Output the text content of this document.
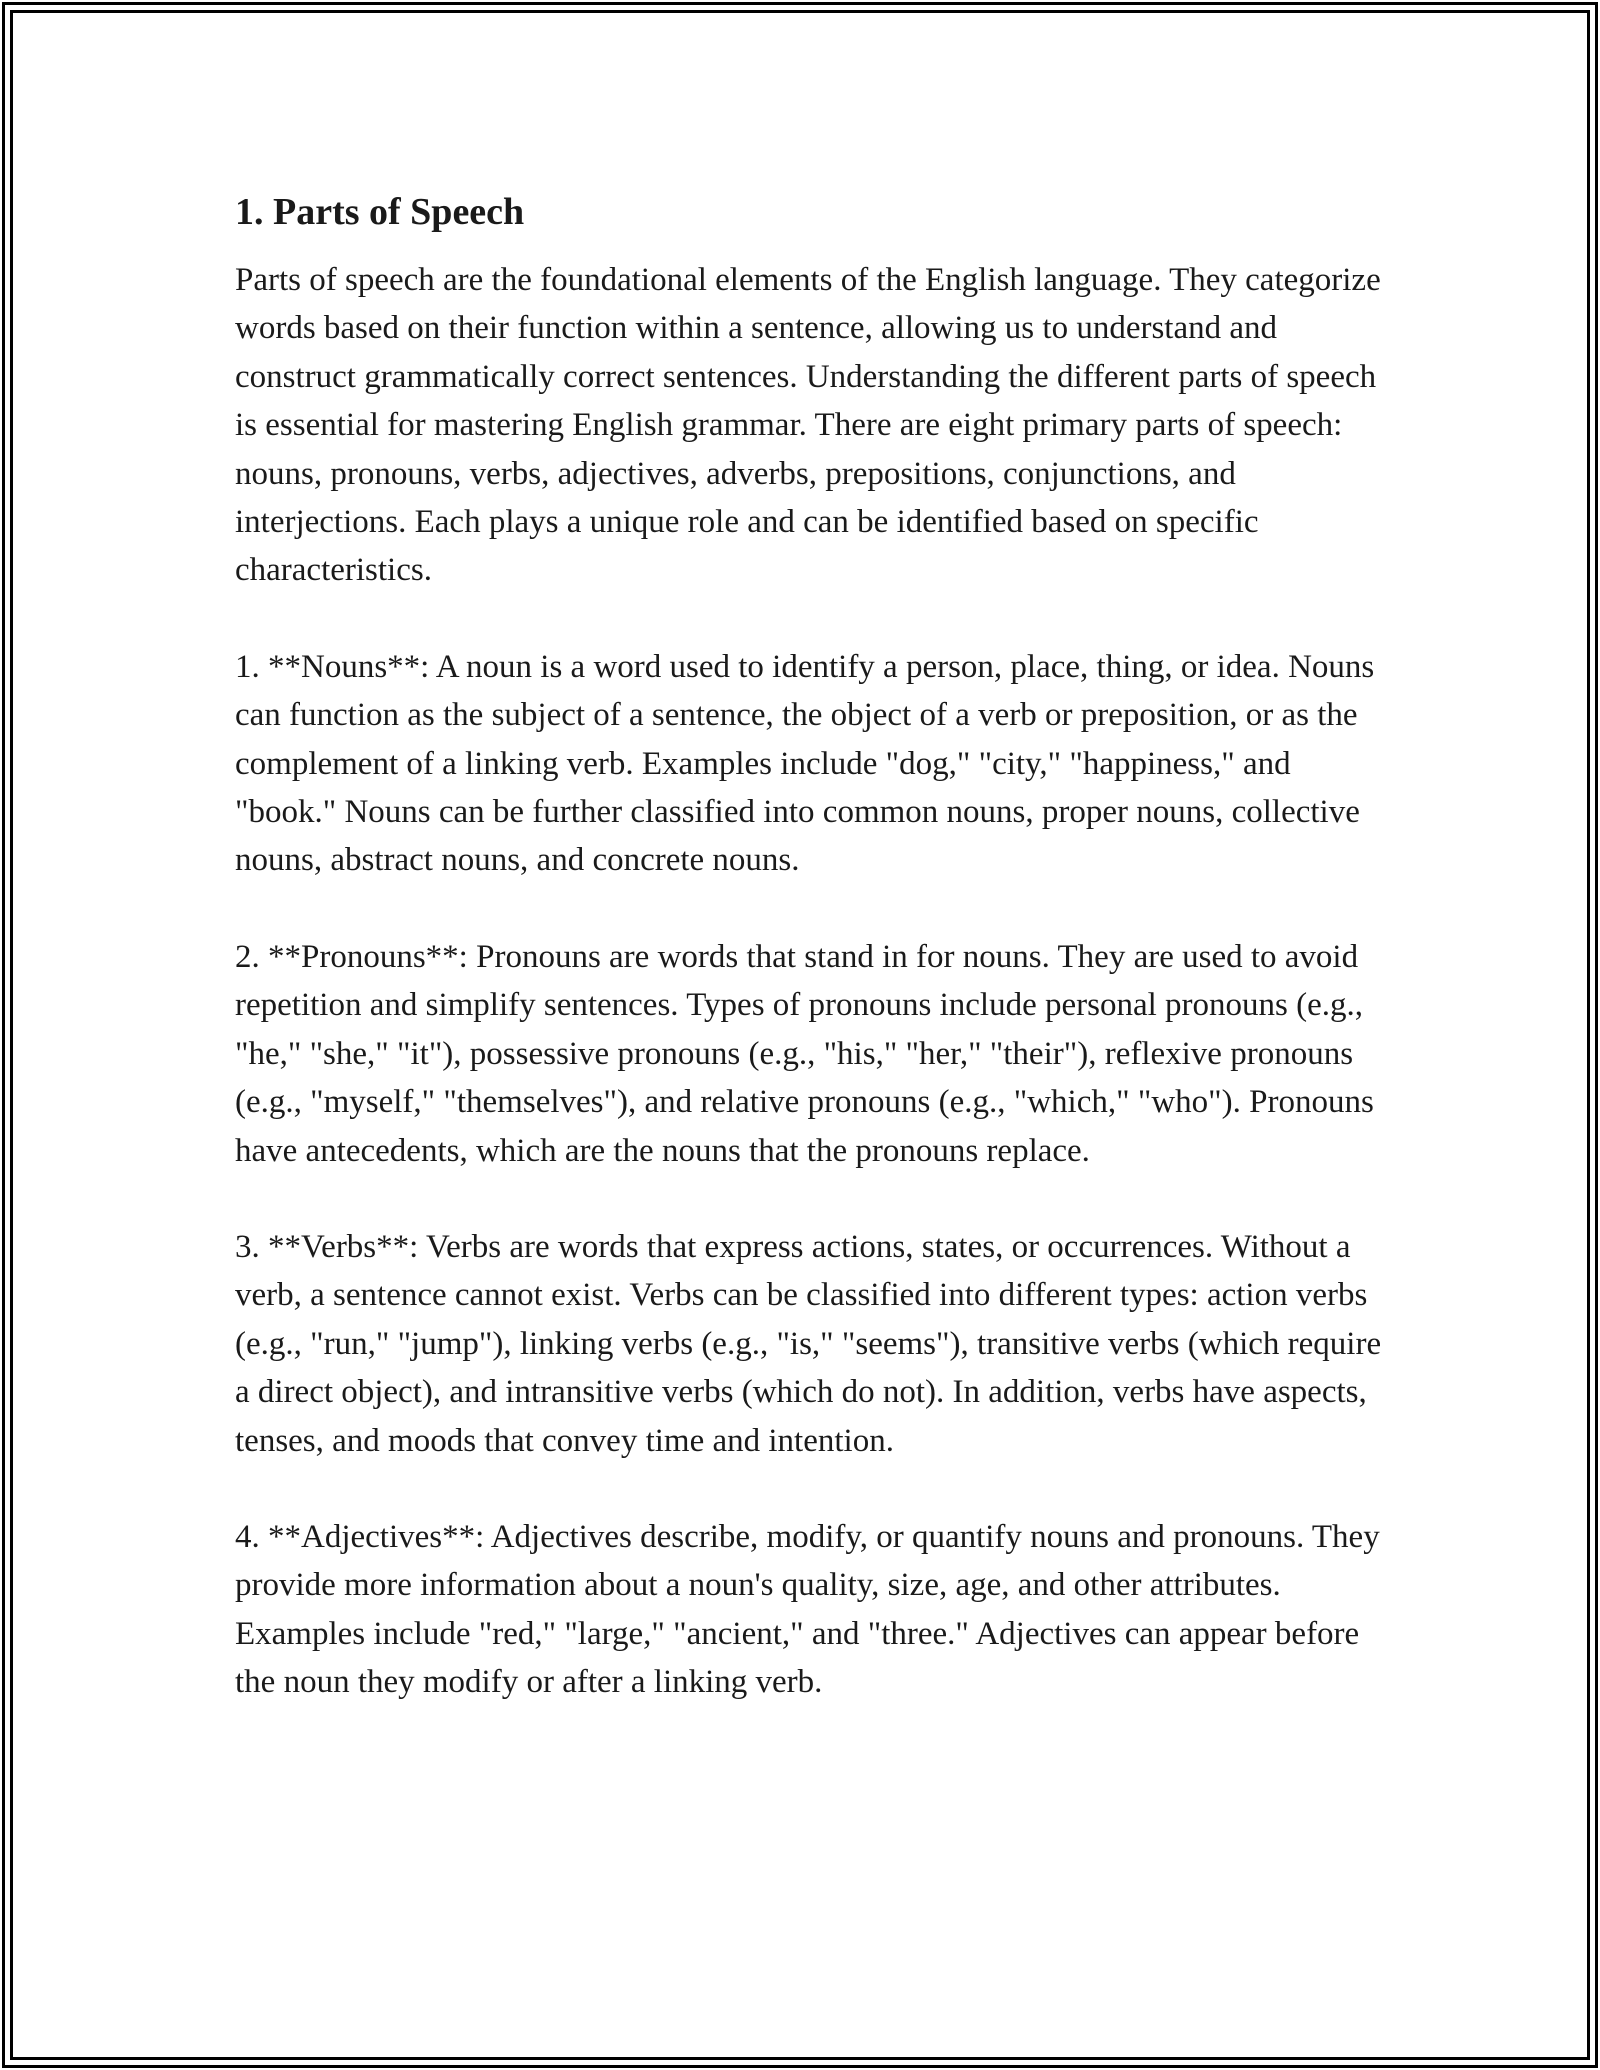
1. Parts of Speech

Parts of speech are the foundational elements of the English language. They categorize words based on their function within a sentence, allowing us to understand and construct grammatically correct sentences. Understanding the different parts of speech is essential for mastering English grammar. There are eight primary parts of speech: nouns, pronouns, verbs, adjectives, adverbs, prepositions, conjunctions, and interjections. Each plays a unique role and can be identified based on specific characteristics.

1. **Nouns**: A noun is a word used to identify a person, place, thing, or idea. Nouns can function as the subject of a sentence, the object of a verb or preposition, or as the complement of a linking verb. Examples include "dog," "city," "happiness," and "book." Nouns can be further classified into common nouns, proper nouns, collective nouns, abstract nouns, and concrete nouns.

2. **Pronouns**: Pronouns are words that stand in for nouns. They are used to avoid repetition and simplify sentences. Types of pronouns include personal pronouns (e.g., "he," "she," "it"), possessive pronouns (e.g., "his," "her," "their"), reflexive pronouns (e.g., "myself," "themselves"), and relative pronouns (e.g., "which," "who"). Pronouns have antecedents, which are the nouns that the pronouns replace.

3. **Verbs**: Verbs are words that express actions, states, or occurrences. Without a verb, a sentence cannot exist. Verbs can be classified into different types: action verbs (e.g., "run," "jump"), linking verbs (e.g., "is," "seems"), transitive verbs (which require a direct object), and intransitive verbs (which do not). In addition, verbs have aspects, tenses, and moods that convey time and intention.

4. **Adjectives**: Adjectives describe, modify, or quantify nouns and pronouns. They provide more information about a noun's quality, size, age, and other attributes. Examples include "red," "large," "ancient," and "three." Adjectives can appear before the noun they modify or after a linking verb.
